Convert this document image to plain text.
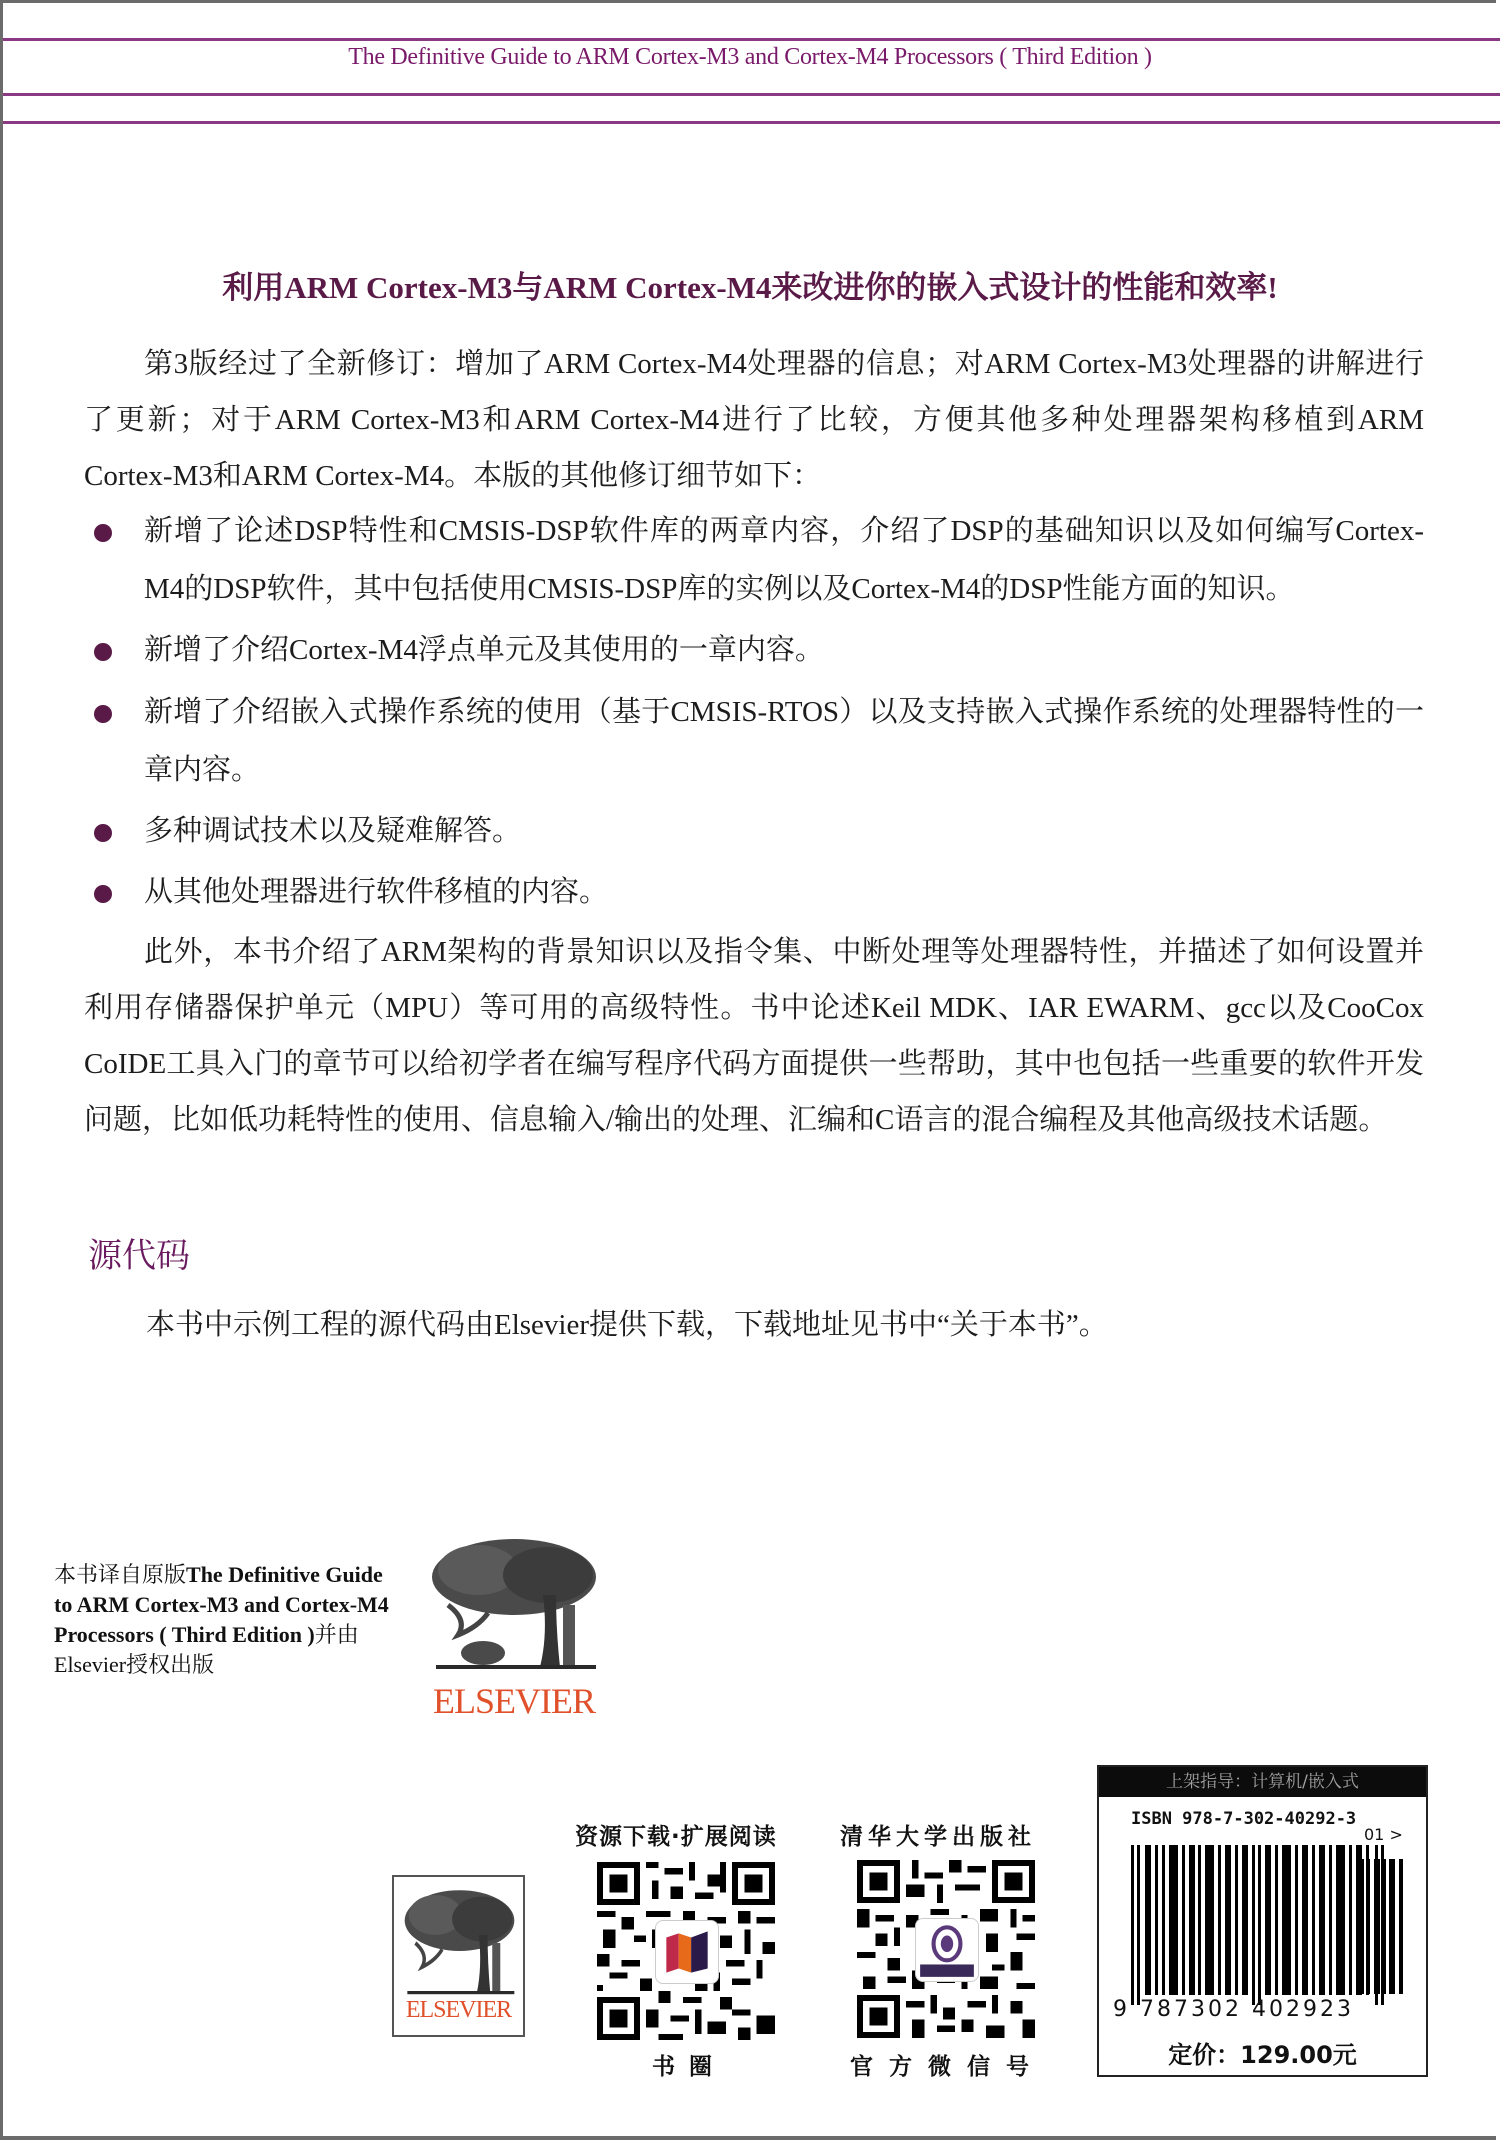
The Definitive Guide to ARM Cortex-M3 and Cortex-M4 Processors ( Third Edition )
利用ARM Cortex-M3与ARM Cortex-M4来改进你的嵌入式设计的性能和效率!
第3版经过了全新修订：增加了ARM Cortex-M4处理器的信息；对ARM Cortex-M3处理器的讲解进行了更新；对于ARM Cortex-M3和ARM Cortex-M4进行了比较，方便其他多种处理器架构移植到ARM Cortex-M3和ARM Cortex-M4。本版的其他修订细节如下：
新增了论述DSP特性和CMSIS-DSP软件库的两章内容，介绍了DSP的基础知识以及如何编写Cortex-M4的DSP软件，其中包括使用CMSIS-DSP库的实例以及Cortex-M4的DSP性能方面的知识。
新增了介绍Cortex-M4浮点单元及其使用的一章内容。
新增了介绍嵌入式操作系统的使用（基于CMSIS-RTOS）以及支持嵌入式操作系统的处理器特性的一章内容。
多种调试技术以及疑难解答。
从其他处理器进行软件移植的内容。
此外，本书介绍了ARM架构的背景知识以及指令集、中断处理等处理器特性，并描述了如何设置并利用存储器保护单元（MPU）等可用的高级特性。书中论述Keil MDK、IAR EWARM、gcc以及CooCox CoIDE工具入门的章节可以给初学者在编写程序代码方面提供一些帮助，其中也包括一些重要的软件开发问题，比如低功耗特性的使用、信息输入/输出的处理、汇编和C语言的混合编程及其他高级技术话题。
源代码
本书中示例工程的源代码由Elsevier提供下载，下载地址见书中“关于本书”。
本书译自原版The Definitive Guide
to ARM Cortex-M3 and Cortex-M4
Processors ( Third Edition )并由
Elsevier授权出版
ELSEVIER
ELSEVIER
资源下载·扩展阅读
书圈
清华大学出版社
官方微信号
上架指导：计算机/嵌入式
ISBN 978-7-302-40292-3
01 >
9 787302 402923
定价：129.00元
